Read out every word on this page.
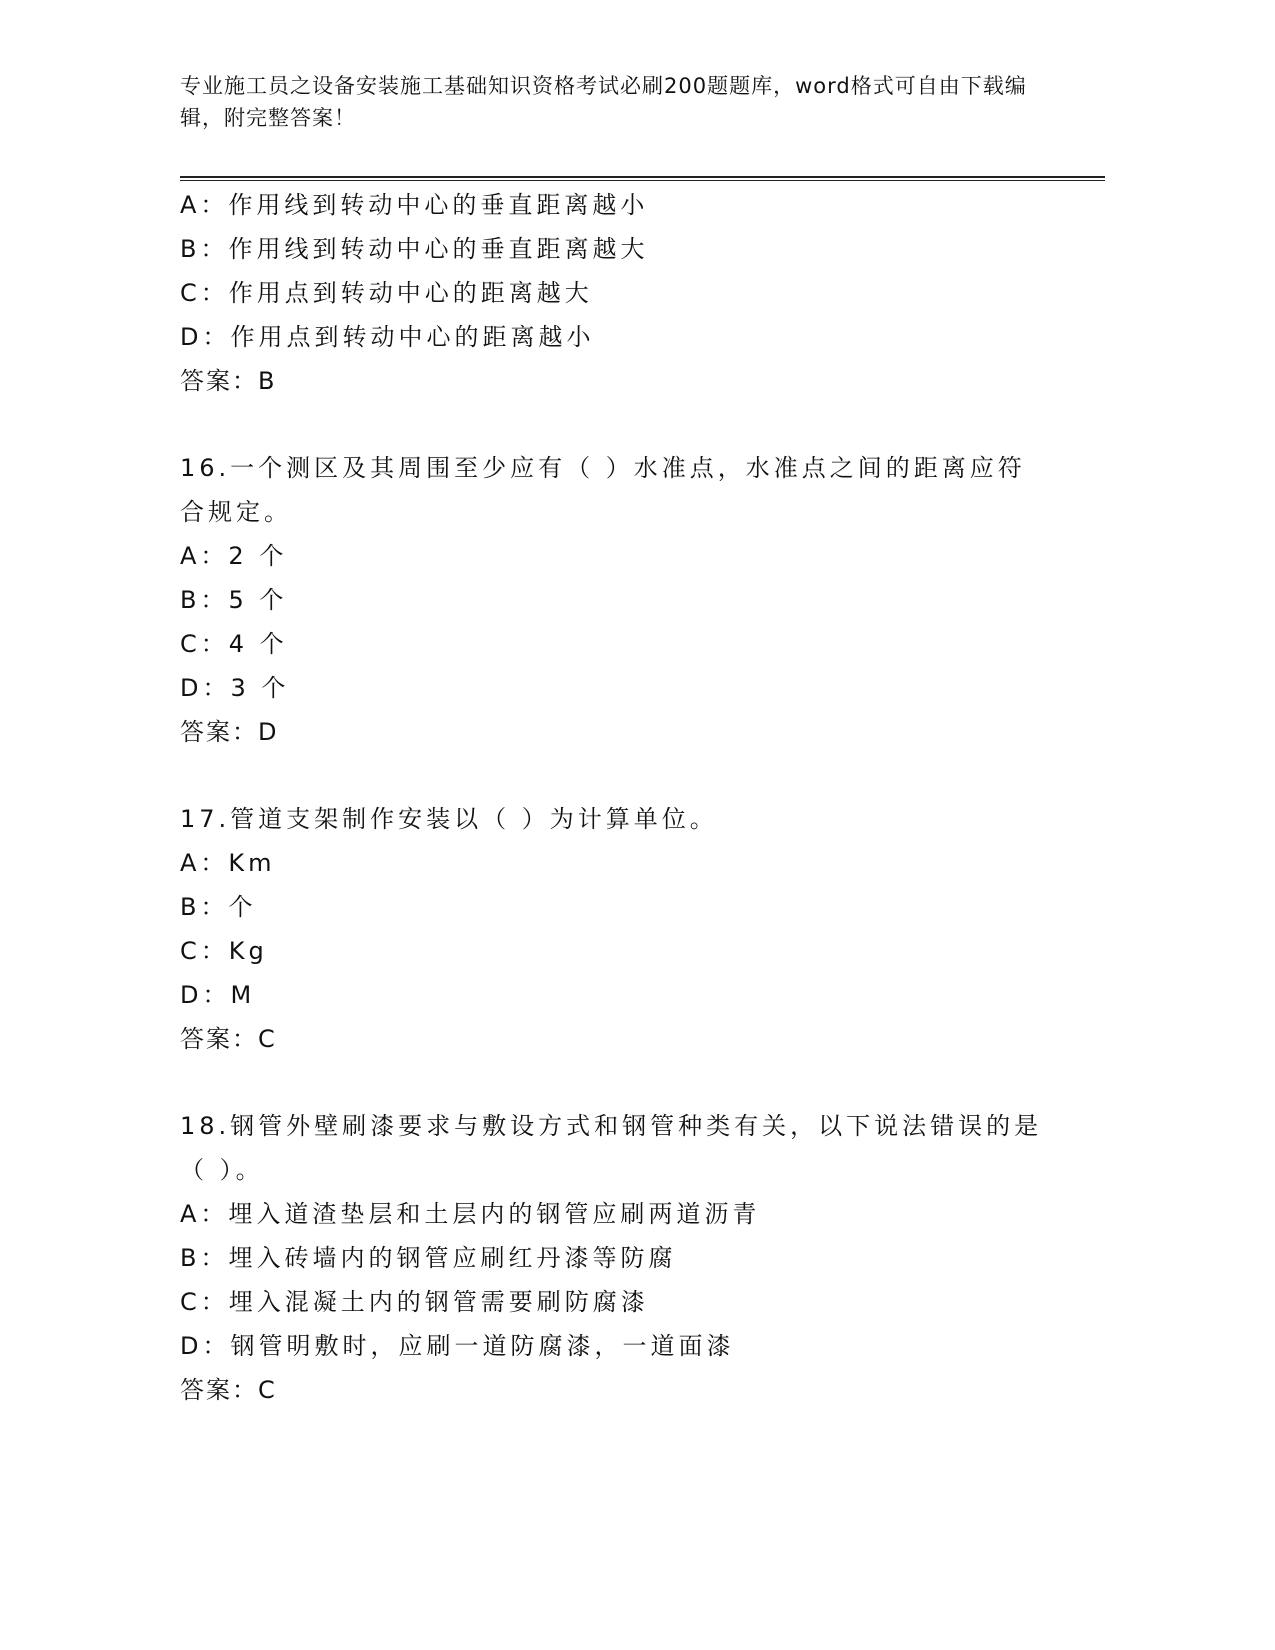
专业施工员之设备安装施工基础知识资格考试必刷200题题库，word格式可自由下载编辑，附完整答案！
A：作用线到转动中心的垂直距离越小
B：作用线到转动中心的垂直距离越大
C：作用点到转动中心的距离越大
D：作用点到转动中心的距离越小
答案：B
16.一个测区及其周围至少应有（ ）水准点，水准点之间的距离应符
合规定。
A：2 个
B：5 个
C：4 个
D：3 个
答案：D
17.管道支架制作安装以（ ）为计算单位。
A：Km
B：个
C：Kg
D：M
答案：C
18.钢管外壁刷漆要求与敷设方式和钢管种类有关，以下说法错误的是
（ ）。
A：埋入道渣垫层和土层内的钢管应刷两道沥青
B：埋入砖墙内的钢管应刷红丹漆等防腐
C：埋入混凝土内的钢管需要刷防腐漆
D：钢管明敷时，应刷一道防腐漆，一道面漆
答案：C
